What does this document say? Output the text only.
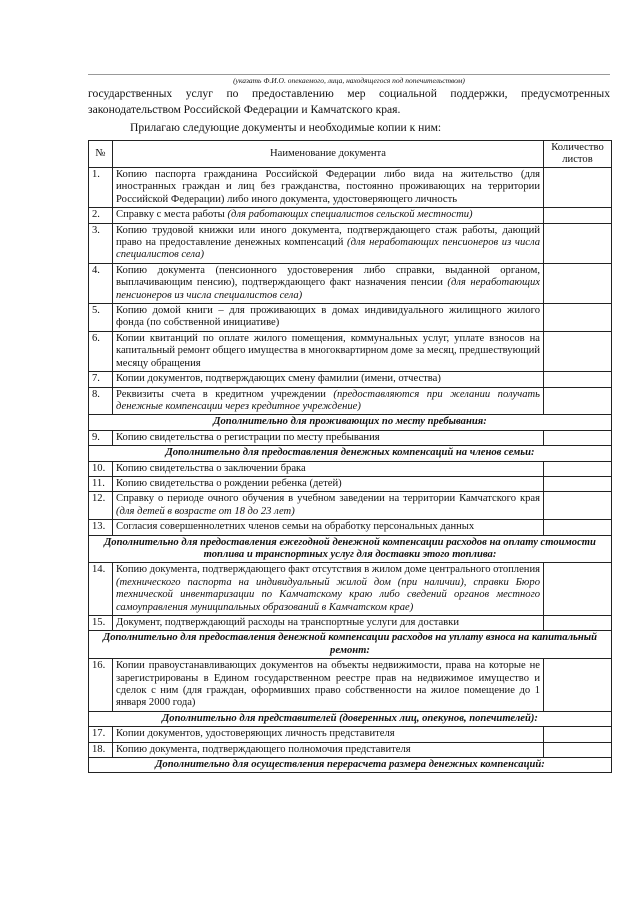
(указать Ф.И.О. опекаемого, лица, находящегося под попечительством)
государственных услуг по предоставлению мер социальной поддержки, предусмотренных законодательством Российской Федерации и Камчатского края.
Прилагаю следующие документы и необходимые копии к ним:
№	Наименование документа	Количество листов
1.	Копию паспорта гражданина Российской Федерации либо вида на жительство (для иностранных граждан и лиц без гражданства, постоянно проживающих на территории Российской Федерации) либо иного документа, удостоверяющего личность	
2.	Справку с места работы (для работающих специалистов сельской местности)	
3.	Копию трудовой книжки или иного документа, подтверждающего стаж работы, дающий право на предоставление денежных компенсаций (для неработающих пенсионеров из числа специалистов села)	
4.	Копию документа (пенсионного удостоверения либо справки, выданной органом, выплачивающим пенсию), подтверждающего факт назначения пенсии (для неработающих пенсионеров из числа специалистов села)	
5.	Копию домой книги – для проживающих в домах индивидуального жилищного жилого фонда (по собственной инициативе)	
6.	Копии квитанций по оплате жилого помещения, коммунальных услуг, уплате взносов на капитальный ремонт общего имущества в многоквартирном доме за месяц, предшествующий месяцу обращения	
7.	Копии документов, подтверждающих смену фамилии (имени, отчества)	
8.	Реквизиты счета в кредитном учреждении (предоставляются при желании получать денежные компенсации через кредитное учреждение)	
Дополнительно для проживающих по месту пребывания:		
9.	Копию свидетельства о регистрации по месту пребывания	
Дополнительно для предоставления денежных компенсаций на членов семьи:		
10.	Копию свидетельства о заключении брака	
11.	Копию свидетельства о рождении ребенка (детей)	
12.	Справку о периоде очного обучения в учебном заведении на территории Камчатского края (для детей в возрасте от 18 до 23 лет)	
13.	Согласия совершеннолетних членов семьи на обработку персональных данных	
Дополнительно для предоставления ежегодной денежной компенсации расходов на оплату стоимости топлива и транспортных услуг для доставки этого топлива:		
14.	Копию документа, подтверждающего факт отсутствия в жилом доме центрального отопления (технического паспорта на индивидуальный жилой дом (при наличии), справки Бюро технической инвентаризации по Камчатскому краю либо сведений органов местного самоуправления муниципальных образований в Камчатском крае)	
15.	Документ, подтверждающий расходы на транспортные услуги для доставки	
Дополнительно для предоставления денежной компенсации расходов на уплату взноса на капитальный ремонт:		
16.	Копии правоустанавливающих документов на объекты недвижимости, права на которые не зарегистрированы в Едином государственном реестре прав на недвижимое имущество и сделок с ним (для граждан, оформивших право собственности на жилое помещение до 1 января 2000 года)	
Дополнительно для представителей (доверенных лиц, опекунов, попечителей):		
17.	Копии документов, удостоверяющих личность представителя	
18.	Копию документа, подтверждающего полномочия представителя	
Дополнительно для осуществления перерасчета размера денежных компенсаций:		
